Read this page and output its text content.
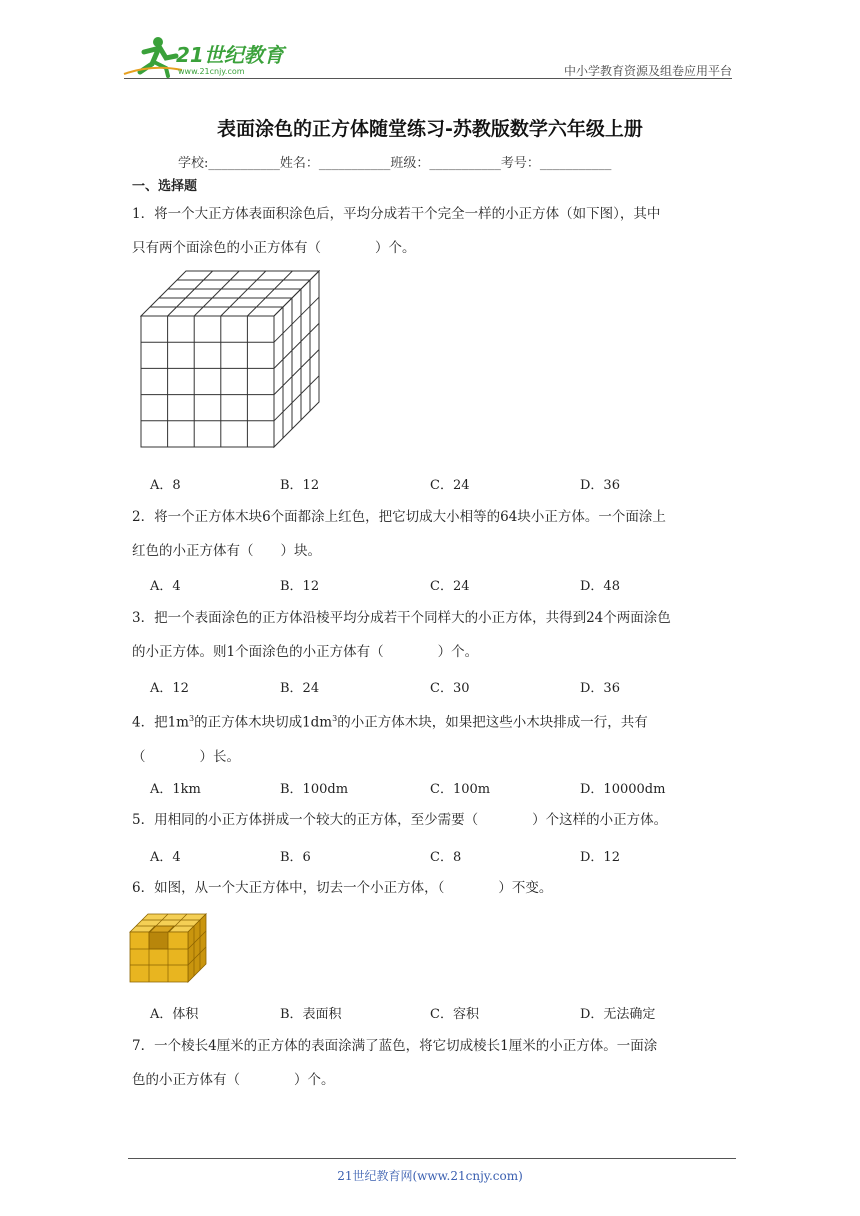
21世纪教育
www.21cnjy.com	中小学教育资源及组卷应用平台
表面涂色的正方体随堂练习-苏教版数学六年级上册
学校:___________姓名：___________班级：___________考号：___________
一、选择题
1．将一个大正方体表面积涂色后，平均分成若干个完全一样的小正方体（如下图），其中
只有两个面涂色的小正方体有（　　　　）个。
A．8	B．12	C．24	D．36
2．将一个正方体木块6个面都涂上红色，把它切成大小相等的64块小正方体。一个面涂上
红色的小正方体有（　　）块。
A．4	B．12	C．24	D．48
3．把一个表面涂色的正方体沿棱平均分成若干个同样大的小正方体，共得到24个两面涂色
的小正方体。则1个面涂色的小正方体有（　　　　）个。
A．12	B．24	C．30	D．36
4．把$1m^3$的正方体木块切成$1dm^3$的小正方体木块，如果把这些小木块排成一行，共有
（　　　　）长。
A．1km	B．100dm	C．100m	D．10000dm
5．用相同的小正方体拼成一个较大的正方体，至少需要（　　　　）个这样的小正方体。
A．4	B．6	C．8	D．12
6．如图，从一个大正方体中，切去一个小正方体，（　　　　）不变。
A．体积	B．表面积	C．容积	D．无法确定
7．一个棱长4厘米的正方体的表面涂满了蓝色，将它切成棱长1厘米的小正方体。一面涂
色的小正方体有（　　　　）个。
21世纪教育网(www.21cnjy.com)
